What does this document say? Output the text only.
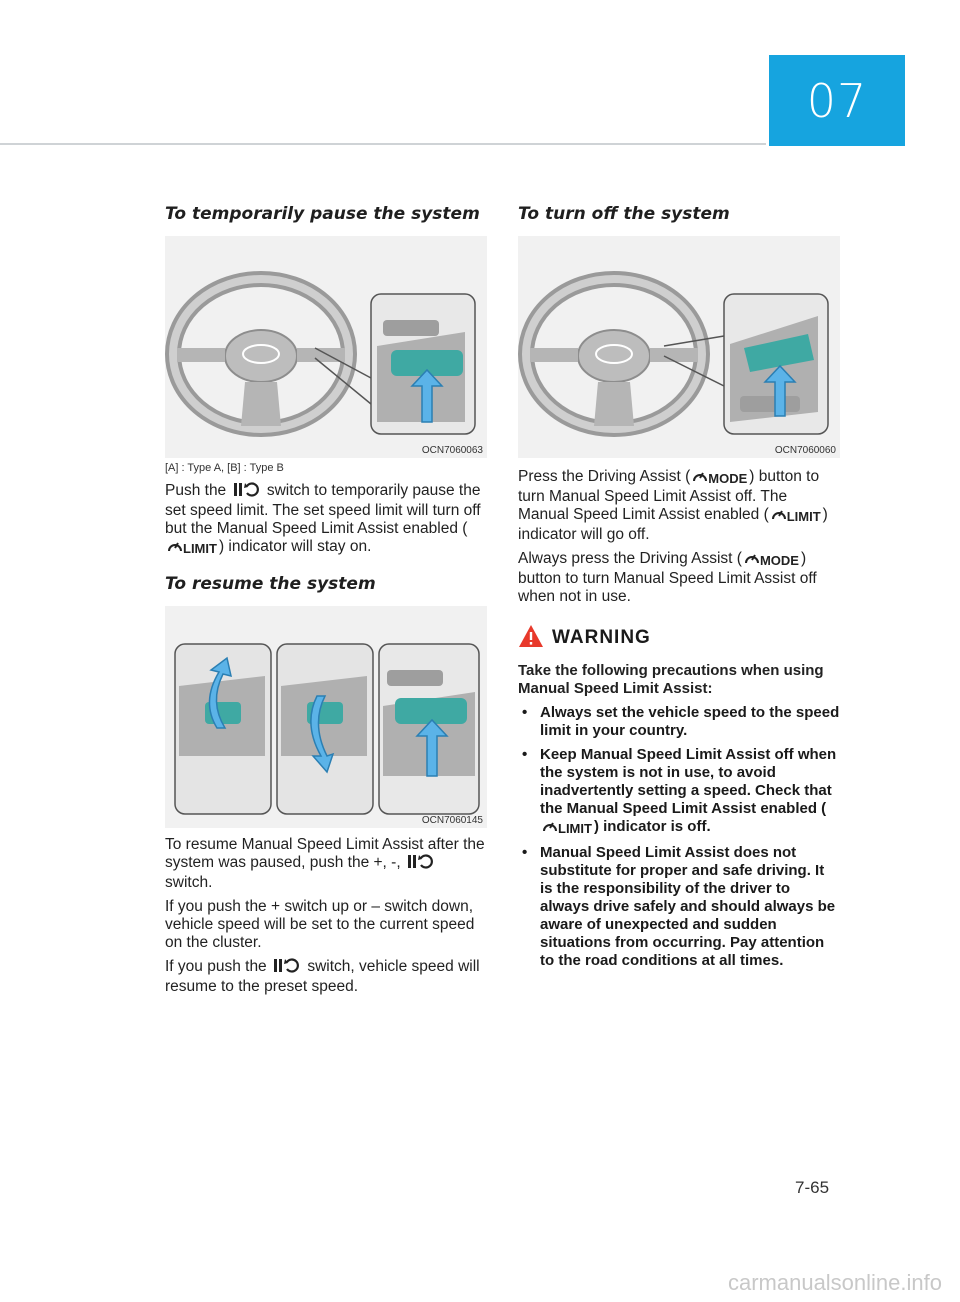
07
To temporarily pause the system
OCN7060063
[A] : Type A, [B] : Type B

Push the	switch to temporarily pause the set speed limit. The set speed limit will turn off but the Manual Speed Limit Assist enabled (LIMIT ) indicator will stay on.

To resume the system
OCN7060145

To resume Manual Speed Limit Assist after the system was paused, push the +, -,  switch.

If you push the + switch up or – switch down, vehicle speed will be set to the current speed on the cluster.

If you push the	switch, vehicle speed will resume to the preset speed.

To turn off the system
OCN7060060

Press the Driving Assist ( MODE ) button to turn Manual Speed Limit Assist off. The Manual Speed Limit Assist enabled ( LIMIT ) indicator will go off.

Always press the Driving Assist ( MODE ) button to turn Manual Speed Limit Assist off when not in use.

WARNING

Take the following precautions when using Manual Speed Limit Assist:

• Always set the vehicle speed to the speed limit in your country.
• Keep Manual Speed Limit Assist off when the system is not in use, to avoid inadvertently setting a speed. Check that the Manual Speed Limit Assist enabled (LIMIT ) indicator is off.
• Manual Speed Limit Assist does not substitute for proper and safe driving. It is the responsibility of the driver to always drive safely and should always be aware of unexpected and sudden situations from occurring. Pay attention to the road conditions at all times.
7-65
carmanualsonline.info
